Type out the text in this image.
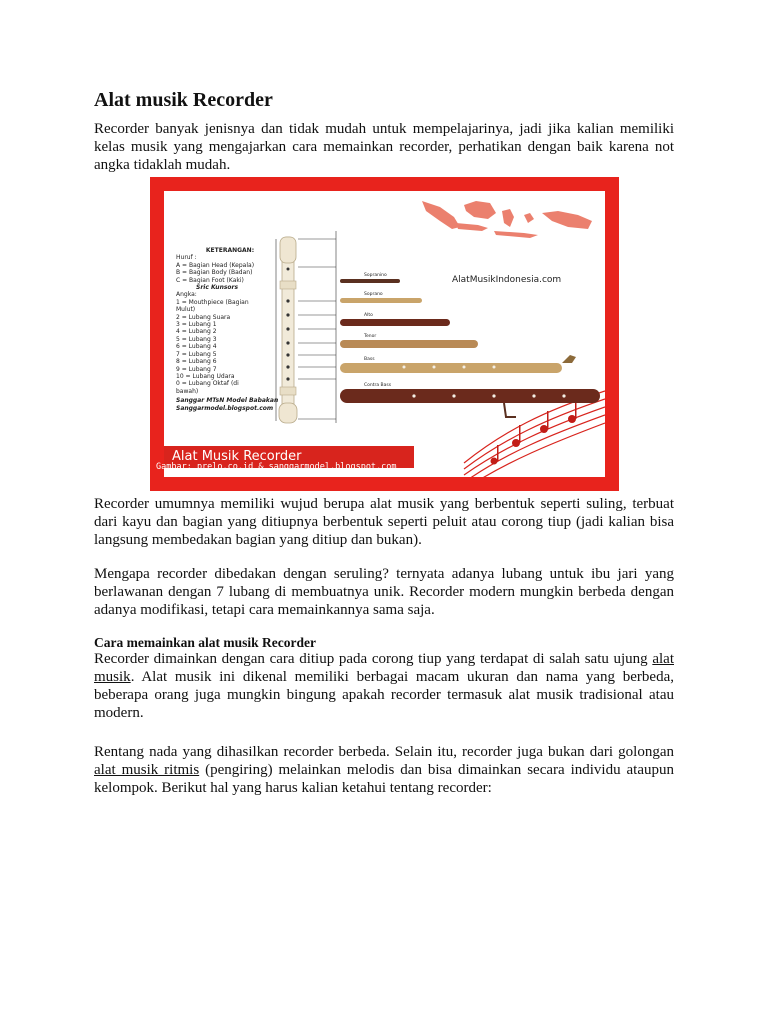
Alat musik Recorder

Recorder banyak jenisnya dan tidak mudah untuk mempelajarinya, jadi jika kalian memiliki kelas musik yang mengajarkan cara memainkan recorder, perhatikan dengan baik karena not angka tidaklah mudah.

AlatMusikIndonesia.com
Sopranino
Soprano
Alto
Tenor
Bass
Contra Bass
KETERANGAN:
Huruf :
A = Bagian Head (Kepala)
B = Bagian Body (Badan)
C = Bagian Foot (Kaki)
Sric Kunsors
Angka:
1 = Mouthpiece (Bagian
Mulut)
2 = Lubang Suara
3 = Lubang 1
4 = Lubang 2
5 = Lubang 3
6 = Lubang 4
7 = Lubang 5
8 = Lubang 6
9 = Lubang 7
10 = Lubang Udara
0 = Lubang Oktaf (di
bawah)
Sanggar MTsN Model Babakan
Sanggarmodel.blogspot.com
Alat Musik Recorder
Gambar: prelo.co.id & sanggarmodel.blogspot.com

Recorder umumnya memiliki wujud berupa alat musik yang berbentuk seperti suling, terbuat dari kayu dan bagian yang ditiupnya berbentuk seperti peluit atau corong tiup (jadi kalian bisa langsung membedakan bagian yang ditiup dan bukan).

Mengapa recorder dibedakan dengan seruling? ternyata adanya lubang untuk ibu jari yang berlawanan dengan 7 lubang di membuatnya unik. Recorder modern mungkin berbeda dengan adanya modifikasi, tetapi cara memainkannya sama saja.

Cara memainkan alat musik Recorder

Recorder dimainkan dengan cara ditiup pada corong tiup yang terdapat di salah satu ujung alat musik. Alat musik ini dikenal memiliki berbagai macam ukuran dan nama yang berbeda, beberapa orang juga mungkin bingung apakah recorder termasuk alat musik tradisional atau modern.

Rentang nada yang dihasilkan recorder berbeda. Selain itu, recorder juga bukan dari golongan alat musik ritmis (pengiring) melainkan melodis dan bisa dimainkan secara individu ataupun kelompok. Berikut hal yang harus kalian ketahui tentang recorder:
